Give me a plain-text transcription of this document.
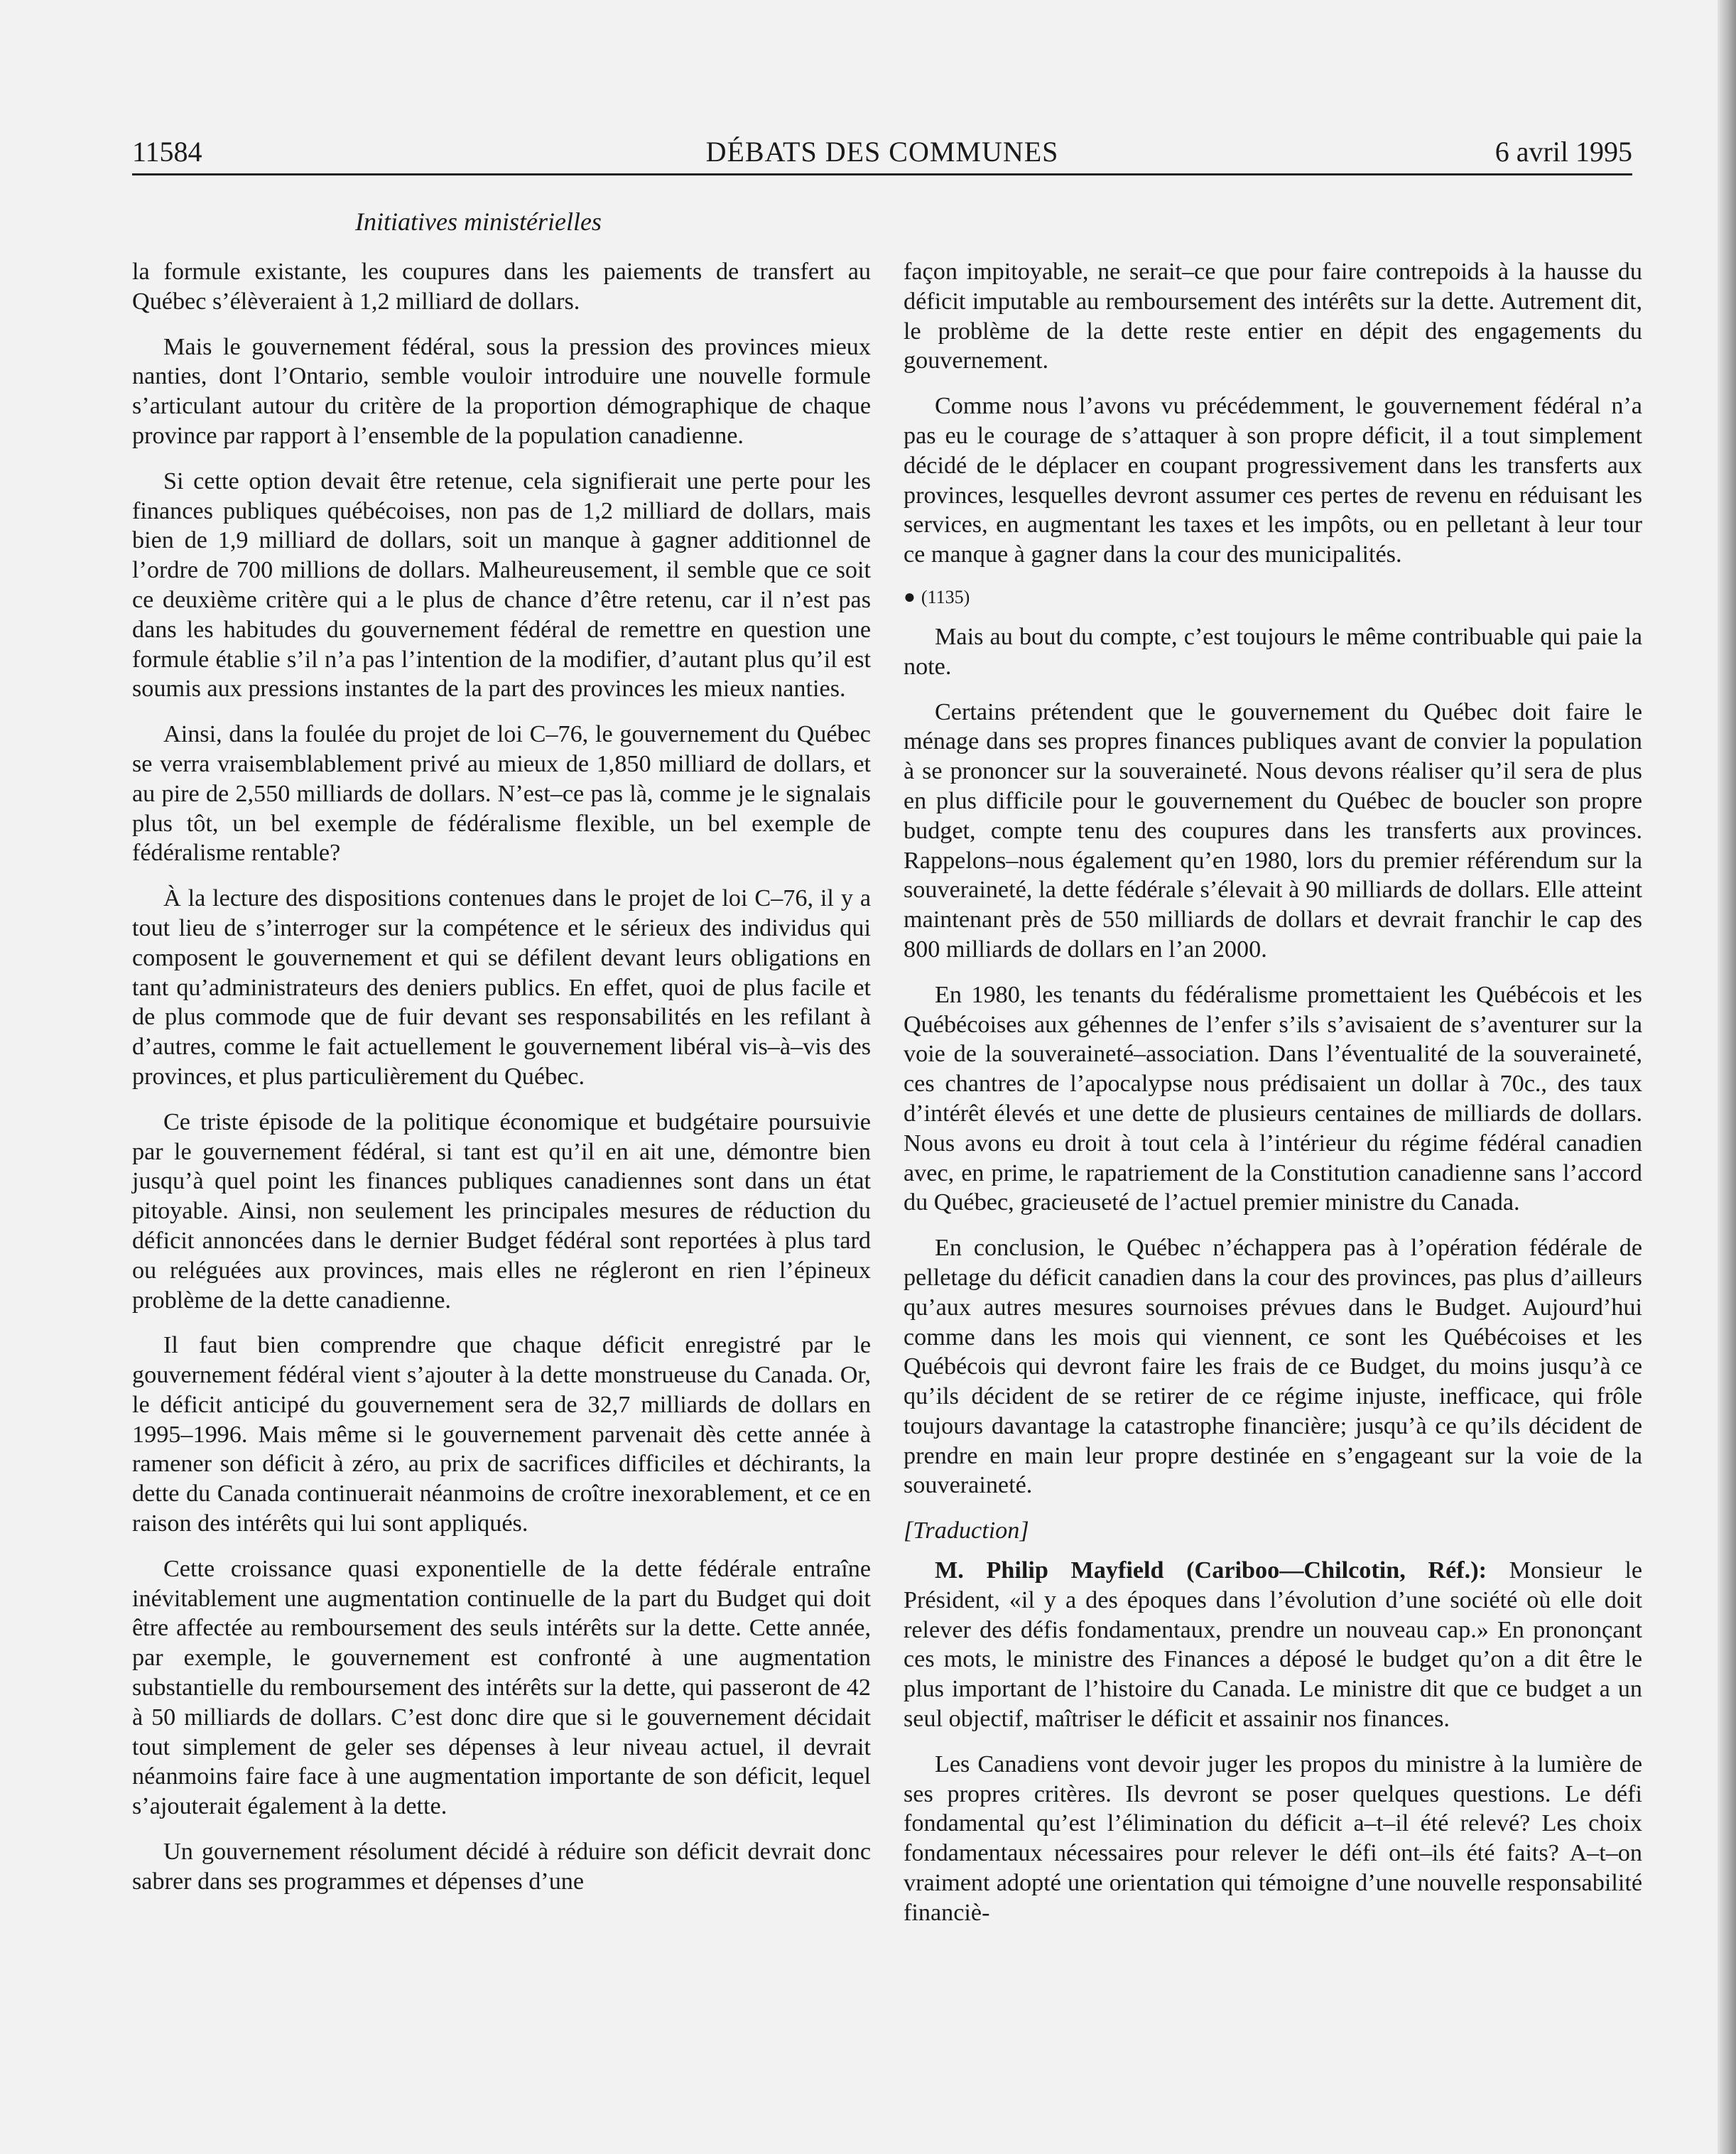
11584	DÉBATS DES COMMUNES	6 avril 1995
Initiatives ministérielles

la formule existante, les coupures dans les paiements de transfert au Québec s’élèveraient à 1,2 milliard de dollars.

Mais le gouvernement fédéral, sous la pression des provinces mieux nanties, dont l’Ontario, semble vouloir introduire une nouvelle formule s’articulant autour du critère de la proportion démographique de chaque province par rapport à l’ensemble de la population canadienne.

Si cette option devait être retenue, cela signifierait une perte pour les finances publiques québécoises, non pas de 1,2 milliard de dollars, mais bien de 1,9 milliard de dollars, soit un manque à gagner additionnel de l’ordre de 700 millions de dollars. Malheureusement, il semble que ce soit ce deuxième critère qui a le plus de chance d’être retenu, car il n’est pas dans les habitudes du gouvernement fédéral de remettre en question une formule établie s’il n’a pas l’intention de la modifier, d’autant plus qu’il est soumis aux pressions instantes de la part des provinces les mieux nanties.

Ainsi, dans la foulée du projet de loi C–76, le gouvernement du Québec se verra vraisemblablement privé au mieux de 1,850 milliard de dollars, et au pire de 2,550 milliards de dollars. N’est–ce pas là, comme je le signalais plus tôt, un bel exemple de fédéralisme flexible, un bel exemple de fédéralisme rentable?

À la lecture des dispositions contenues dans le projet de loi C–76, il y a tout lieu de s’interroger sur la compétence et le sérieux des individus qui composent le gouvernement et qui se défilent devant leurs obligations en tant qu’administrateurs des deniers publics. En effet, quoi de plus facile et de plus commode que de fuir devant ses responsabilités en les refilant à d’autres, comme le fait actuellement le gouvernement libéral vis–à–vis des provinces, et plus particulièrement du Québec.

Ce triste épisode de la politique économique et budgétaire poursuivie par le gouvernement fédéral, si tant est qu’il en ait une, démontre bien jusqu’à quel point les finances publiques canadiennes sont dans un état pitoyable. Ainsi, non seulement les principales mesures de réduction du déficit annoncées dans le dernier Budget fédéral sont reportées à plus tard ou reléguées aux provinces, mais elles ne régleront en rien l’épineux problème de la dette canadienne.

Il faut bien comprendre que chaque déficit enregistré par le gouvernement fédéral vient s’ajouter à la dette monstrueuse du Canada. Or, le déficit anticipé du gouvernement sera de 32,7 milliards de dollars en 1995–1996. Mais même si le gouvernement parvenait dès cette année à ramener son déficit à zéro, au prix de sacrifices difficiles et déchirants, la dette du Canada continuerait néanmoins de croître inexorablement, et ce en raison des intérêts qui lui sont appliqués.

Cette croissance quasi exponentielle de la dette fédérale entraîne inévitablement une augmentation continuelle de la part du Budget qui doit être affectée au remboursement des seuls intérêts sur la dette. Cette année, par exemple, le gouvernement est confronté à une augmentation substantielle du remboursement des intérêts sur la dette, qui passeront de 42 à 50 milliards de dollars. C’est donc dire que si le gouvernement décidait tout simplement de geler ses dépenses à leur niveau actuel, il devrait néanmoins faire face à une augmentation importante de son déficit, lequel s’ajouterait également à la dette.

Un gouvernement résolument décidé à réduire son déficit devrait donc sabrer dans ses programmes et dépenses d’une

façon impitoyable, ne serait–ce que pour faire contrepoids à la hausse du déficit imputable au remboursement des intérêts sur la dette. Autrement dit, le problème de la dette reste entier en dépit des engagements du gouvernement.

Comme nous l’avons vu précédemment, le gouvernement fédéral n’a pas eu le courage de s’attaquer à son propre déficit, il a tout simplement décidé de le déplacer en coupant progressivement dans les transferts aux provinces, lesquelles devront assumer ces pertes de revenu en réduisant les services, en augmentant les taxes et les impôts, ou en pelletant à leur tour ce manque à gagner dans la cour des municipalités.

● (1135)

Mais au bout du compte, c’est toujours le même contribuable qui paie la note.

Certains prétendent que le gouvernement du Québec doit faire le ménage dans ses propres finances publiques avant de convier la population à se prononcer sur la souveraineté. Nous devons réaliser qu’il sera de plus en plus difficile pour le gouvernement du Québec de boucler son propre budget, compte tenu des coupures dans les transferts aux provinces. Rappelons–nous également qu’en 1980, lors du premier référendum sur la souveraineté, la dette fédérale s’élevait à 90 milliards de dollars. Elle atteint maintenant près de 550 milliards de dollars et devrait franchir le cap des 800 milliards de dollars en l’an 2000.

En 1980, les tenants du fédéralisme promettaient les Québécois et les Québécoises aux géhennes de l’enfer s’ils s’avisaient de s’aventurer sur la voie de la souveraineté–association. Dans l’éventualité de la souveraineté, ces chantres de l’apocalypse nous prédisaient un dollar à 70c., des taux d’intérêt élevés et une dette de plusieurs centaines de milliards de dollars. Nous avons eu droit à tout cela à l’intérieur du régime fédéral canadien avec, en prime, le rapatriement de la Constitution canadienne sans l’accord du Québec, gracieuseté de l’actuel premier ministre du Canada.

En conclusion, le Québec n’échappera pas à l’opération fédérale de pelletage du déficit canadien dans la cour des provinces, pas plus d’ailleurs qu’aux autres mesures sournoises prévues dans le Budget. Aujourd’hui comme dans les mois qui viennent, ce sont les Québécoises et les Québécois qui devront faire les frais de ce Budget, du moins jusqu’à ce qu’ils décident de se retirer de ce régime injuste, inefficace, qui frôle toujours davantage la catastrophe financière; jusqu’à ce qu’ils décident de prendre en main leur propre destinée en s’engageant sur la voie de la souveraineté.

[Traduction]

M. Philip Mayfield (Cariboo—Chilcotin, Réf.): Monsieur le Président, «il y a des époques dans l’évolution d’une société où elle doit relever des défis fondamentaux, prendre un nouveau cap.» En prononçant ces mots, le ministre des Finances a déposé le budget qu’on a dit être le plus important de l’histoire du Canada. Le ministre dit que ce budget a un seul objectif, maîtriser le déficit et assainir nos finances.

Les Canadiens vont devoir juger les propos du ministre à la lumière de ses propres critères. Ils devront se poser quelques questions. Le défi fondamental qu’est l’élimination du déficit a–t–il été relevé? Les choix fondamentaux nécessaires pour relever le défi ont–ils été faits? A–t–on vraiment adopté une orientation qui témoigne d’une nouvelle responsabilité financiè-
